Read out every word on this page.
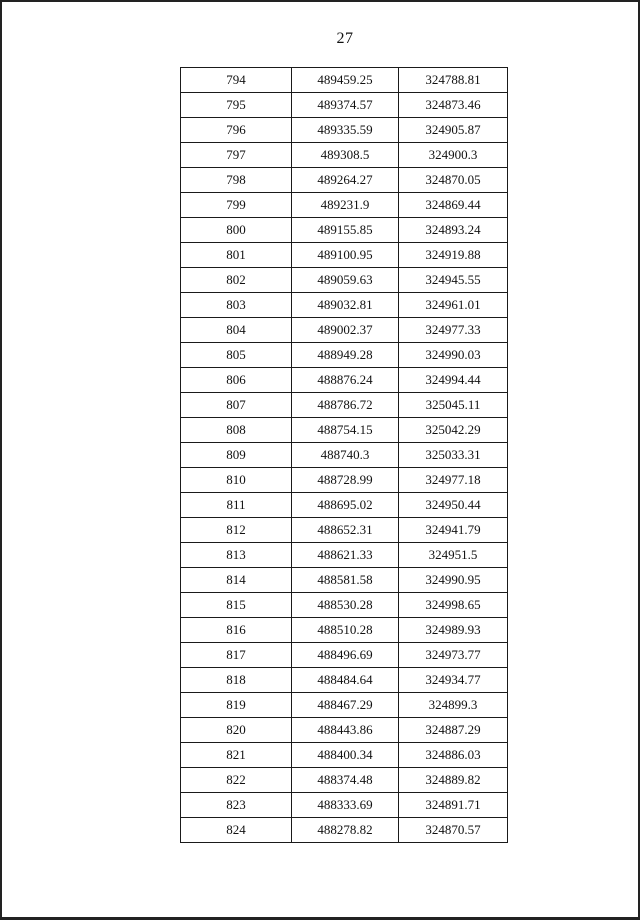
27
794	489459.25	324788.81
795	489374.57	324873.46
796	489335.59	324905.87
797	489308.5	324900.3
798	489264.27	324870.05
799	489231.9	324869.44
800	489155.85	324893.24
801	489100.95	324919.88
802	489059.63	324945.55
803	489032.81	324961.01
804	489002.37	324977.33
805	488949.28	324990.03
806	488876.24	324994.44
807	488786.72	325045.11
808	488754.15	325042.29
809	488740.3	325033.31
810	488728.99	324977.18
811	488695.02	324950.44
812	488652.31	324941.79
813	488621.33	324951.5
814	488581.58	324990.95
815	488530.28	324998.65
816	488510.28	324989.93
817	488496.69	324973.77
818	488484.64	324934.77
819	488467.29	324899.3
820	488443.86	324887.29
821	488400.34	324886.03
822	488374.48	324889.82
823	488333.69	324891.71
824	488278.82	324870.57
